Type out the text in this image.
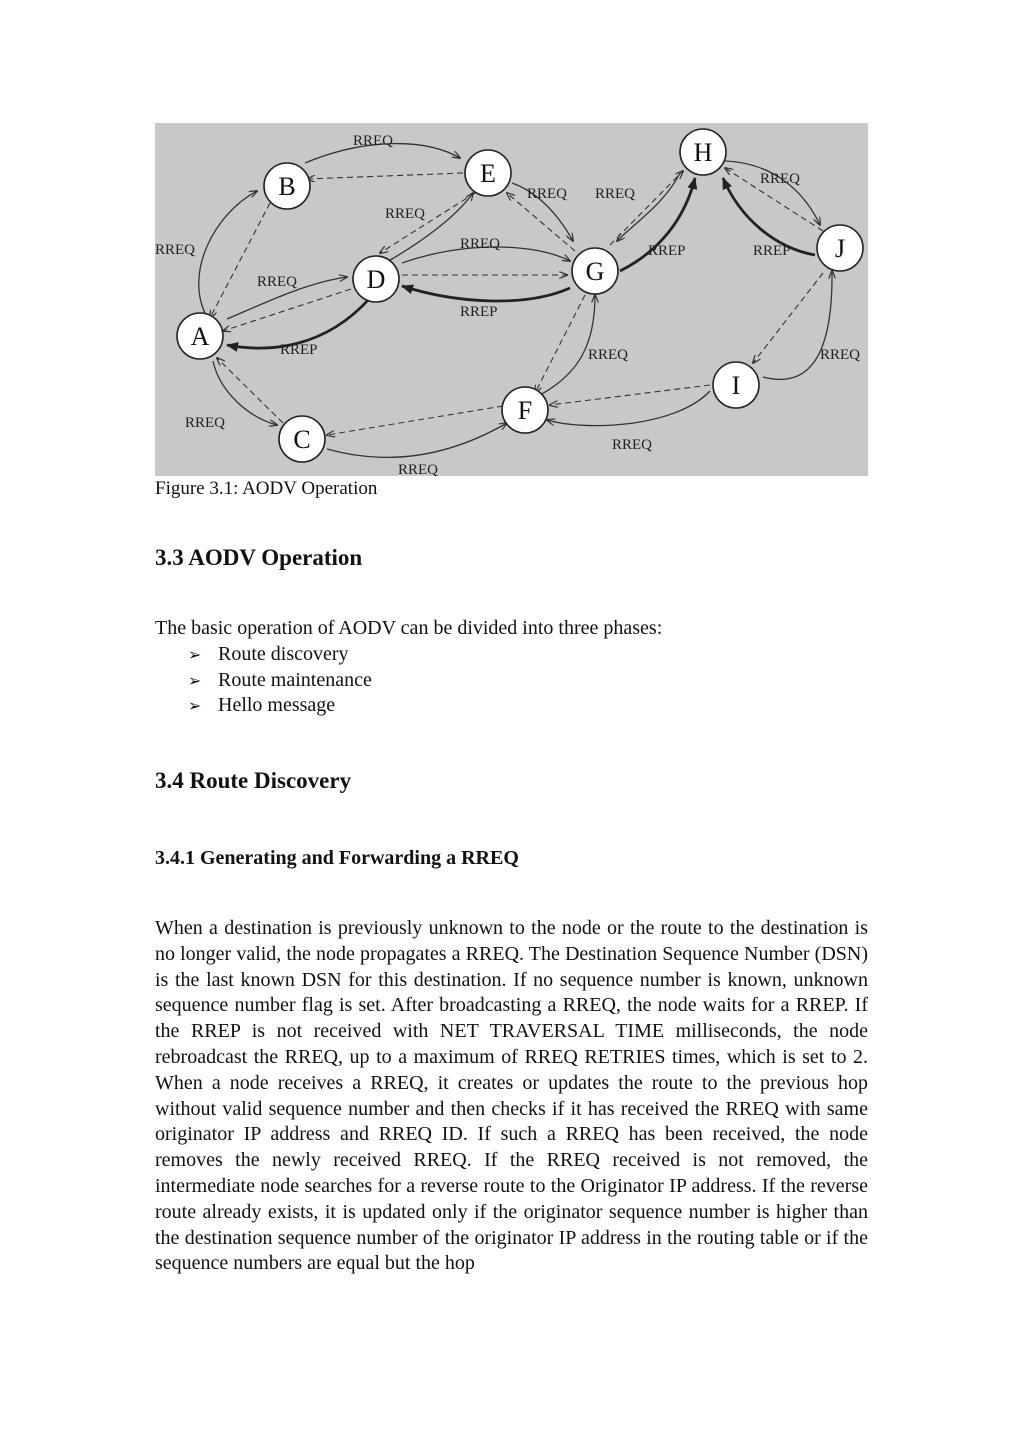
A
B
C
D
E
F
G
H
I
J
RREQ
RREQ
RREQ
RREQ
RREQ
RREP
RREP
RREQ RREQ
RREP	RREP
RREQ
RREQ	RREQ
RREQ
RREQ
RREQ
Figure 3.1: AODV Operation
3.3 AODV Operation

The basic operation of AODV can be divided into three phases:

➢ Route discovery
➢ Route maintenance
➢ Hello message
3.4 Route Discovery
3.4.1 Generating and Forwarding a RREQ

When a destination is previously unknown to the node or the route to the destination is no longer valid, the node propagates a RREQ. The Destination Sequence Number (DSN) is the last known DSN for this destination. If no sequence number is known, unknown sequence number flag is set. After broadcasting a RREQ, the node waits for a RREP. If the RREP is not received with NET TRAVERSAL TIME milliseconds, the node rebroadcast the RREQ, up to a maximum of RREQ RETRIES times, which is set to 2. When a node receives a RREQ, it creates or updates the route to the previous hop without valid sequence number and then checks if it has received the RREQ with same originator IP address and RREQ ID. If such a RREQ has been received, the node removes the newly received RREQ. If the RREQ received is not removed, the intermediate node searches for a reverse route to the Originator IP address. If the reverse route already exists, it is updated only if the originator sequence number is higher than the destination sequence number of the originator IP address in the routing table or if the sequence numbers are equal but the hop
